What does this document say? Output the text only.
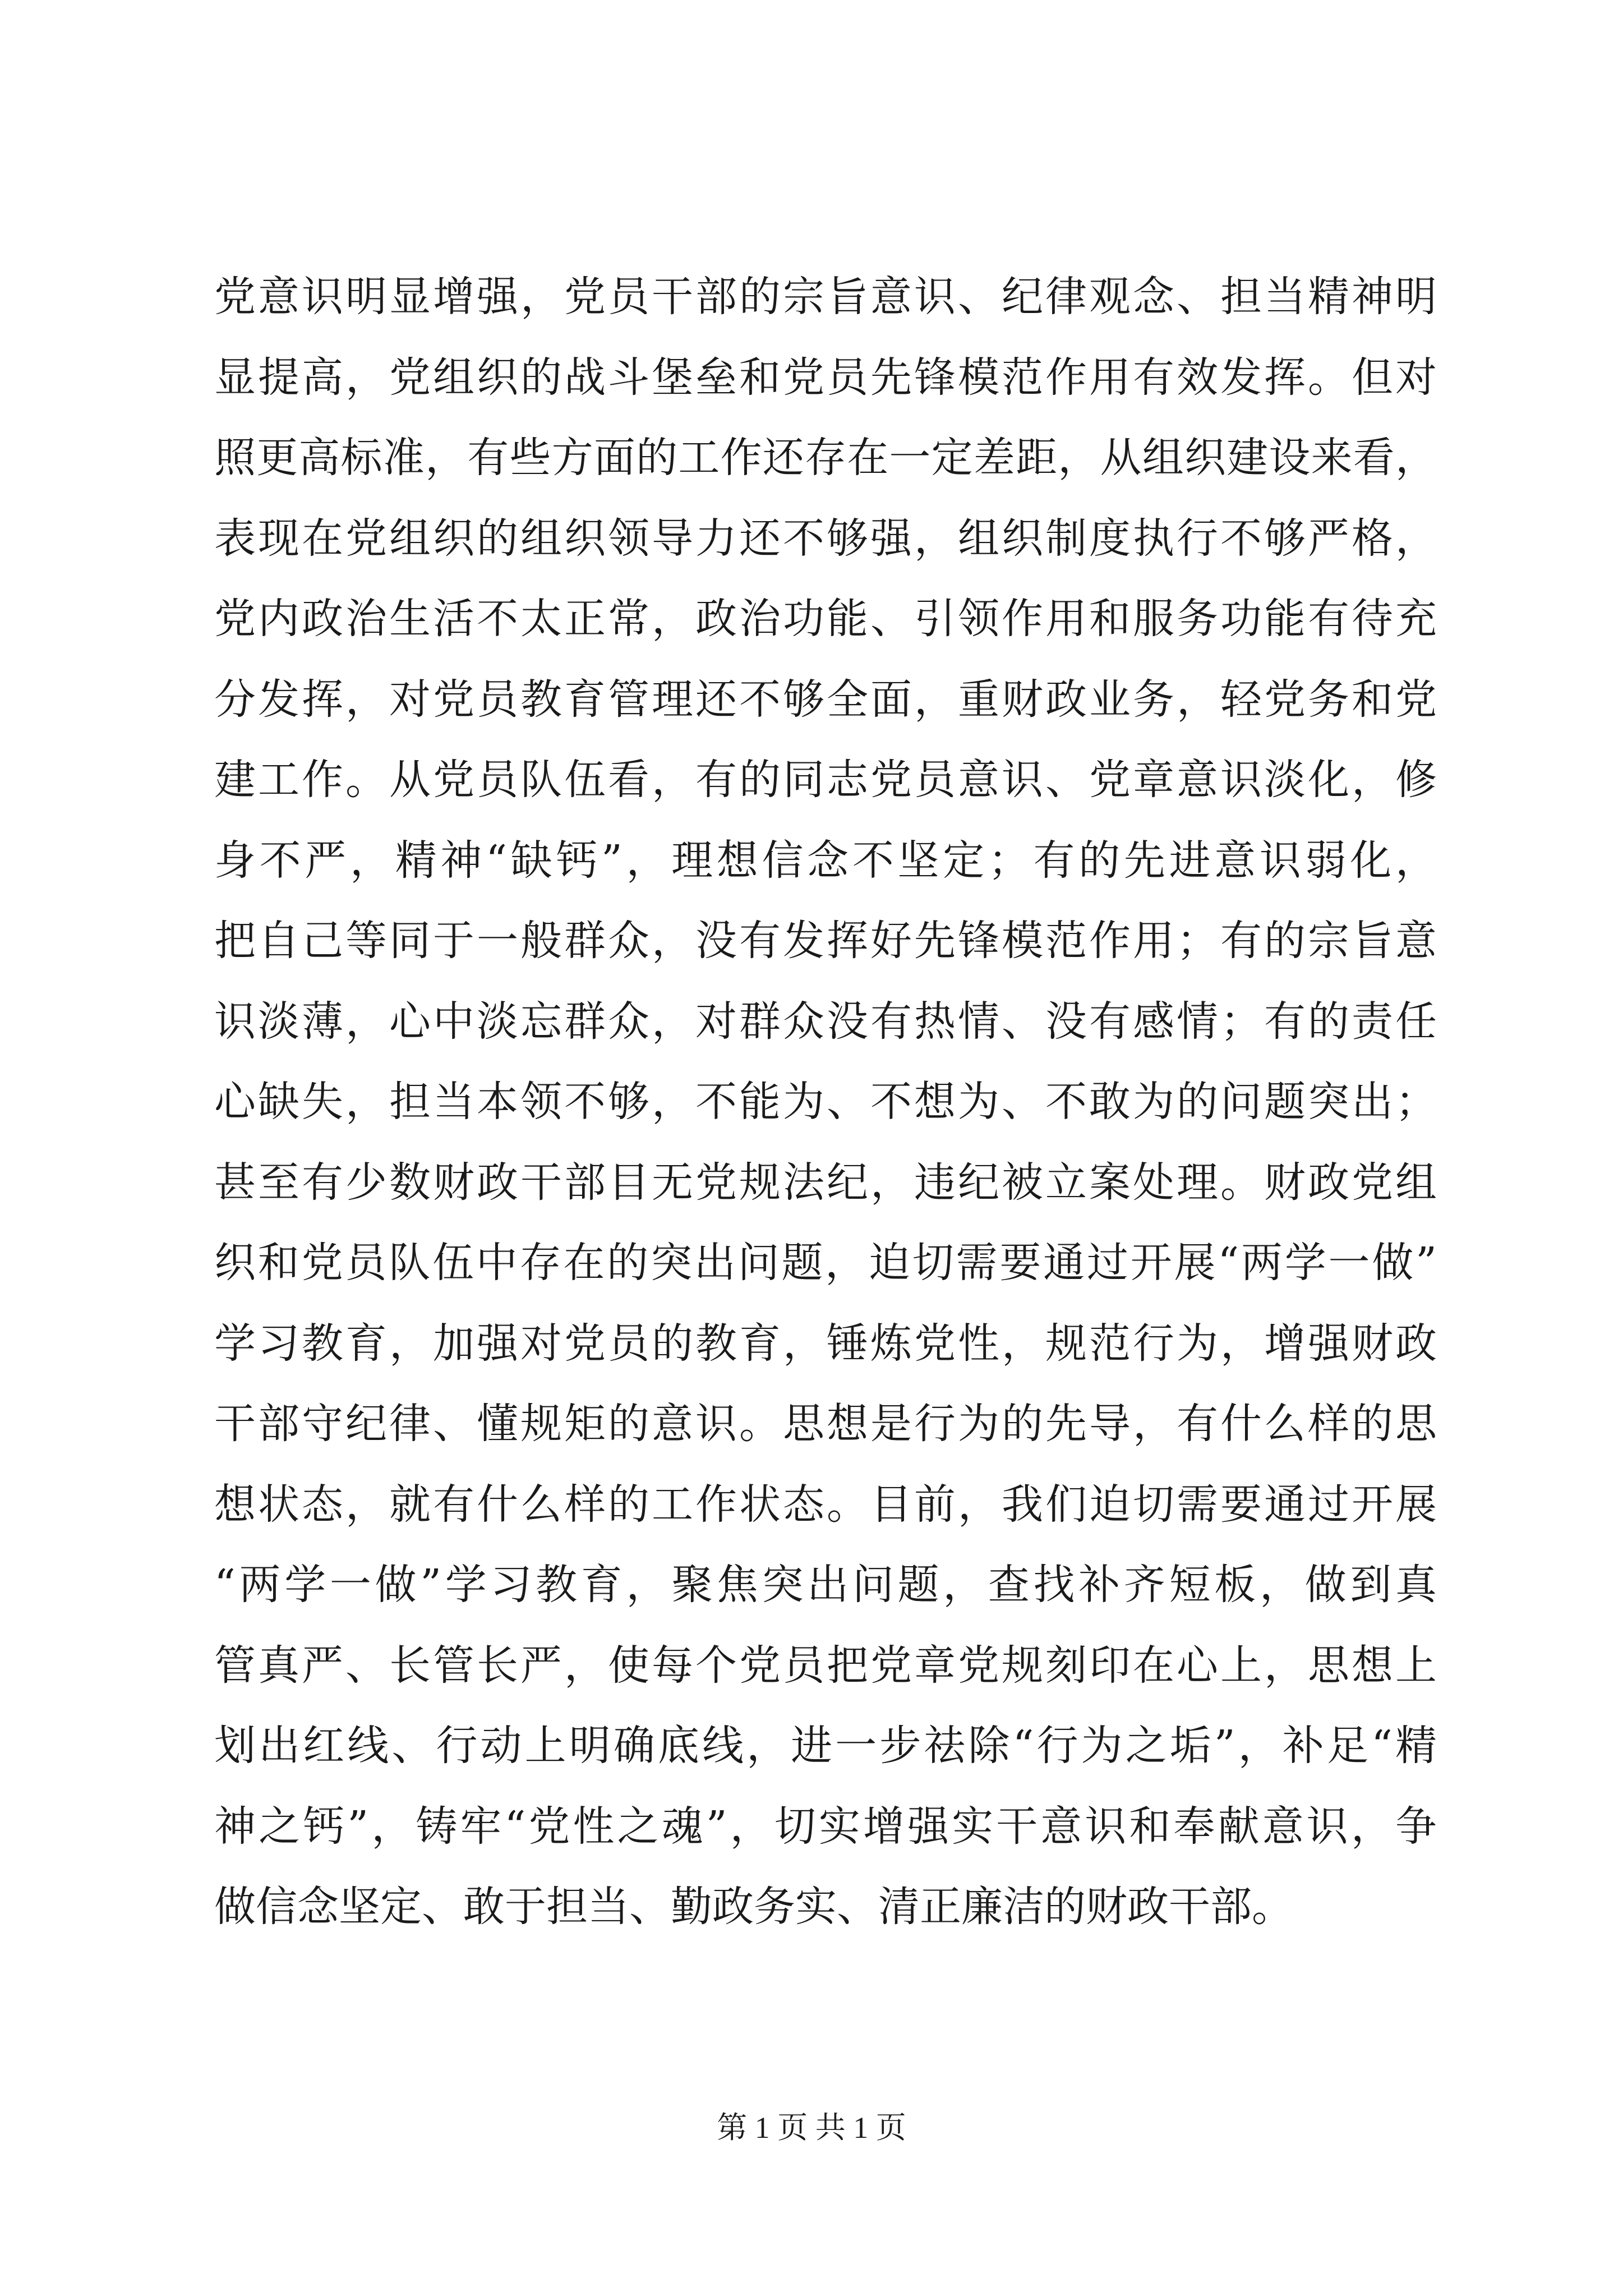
党意识明显增强，党员干部的宗旨意识、纪律观念、担当精神明
显提高，党组织的战斗堡垒和党员先锋模范作用有效发挥。但对
照更高标准，有些方面的工作还存在一定差距，从组织建设来看，
表现在党组织的组织领导力还不够强，组织制度执行不够严格，
党内政治生活不太正常，政治功能、引领作用和服务功能有待充
分发挥，对党员教育管理还不够全面，重财政业务，轻党务和党
建工作。从党员队伍看，有的同志党员意识、党章意识淡化，修
身不严，精神“缺钙”，理想信念不坚定；有的先进意识弱化，
把自己等同于一般群众，没有发挥好先锋模范作用；有的宗旨意
识淡薄，心中淡忘群众，对群众没有热情、没有感情；有的责任
心缺失，担当本领不够，不能为、不想为、不敢为的问题突出；
甚至有少数财政干部目无党规法纪，违纪被立案处理。财政党组
织和党员队伍中存在的突出问题，迫切需要通过开展“两学一做”
学习教育，加强对党员的教育，锤炼党性，规范行为，增强财政
干部守纪律、懂规矩的意识。思想是行为的先导，有什么样的思
想状态，就有什么样的工作状态。目前，我们迫切需要通过开展
“两学一做”学习教育，聚焦突出问题，查找补齐短板，做到真
管真严、长管长严，使每个党员把党章党规刻印在心上，思想上
划出红线、行动上明确底线，进一步祛除“行为之垢”，补足“精
神之钙”，铸牢“党性之魂”，切实增强实干意识和奉献意识，争
做信念坚定、敢于担当、勤政务实、清正廉洁的财政干部。
第 1 页 共 1 页
